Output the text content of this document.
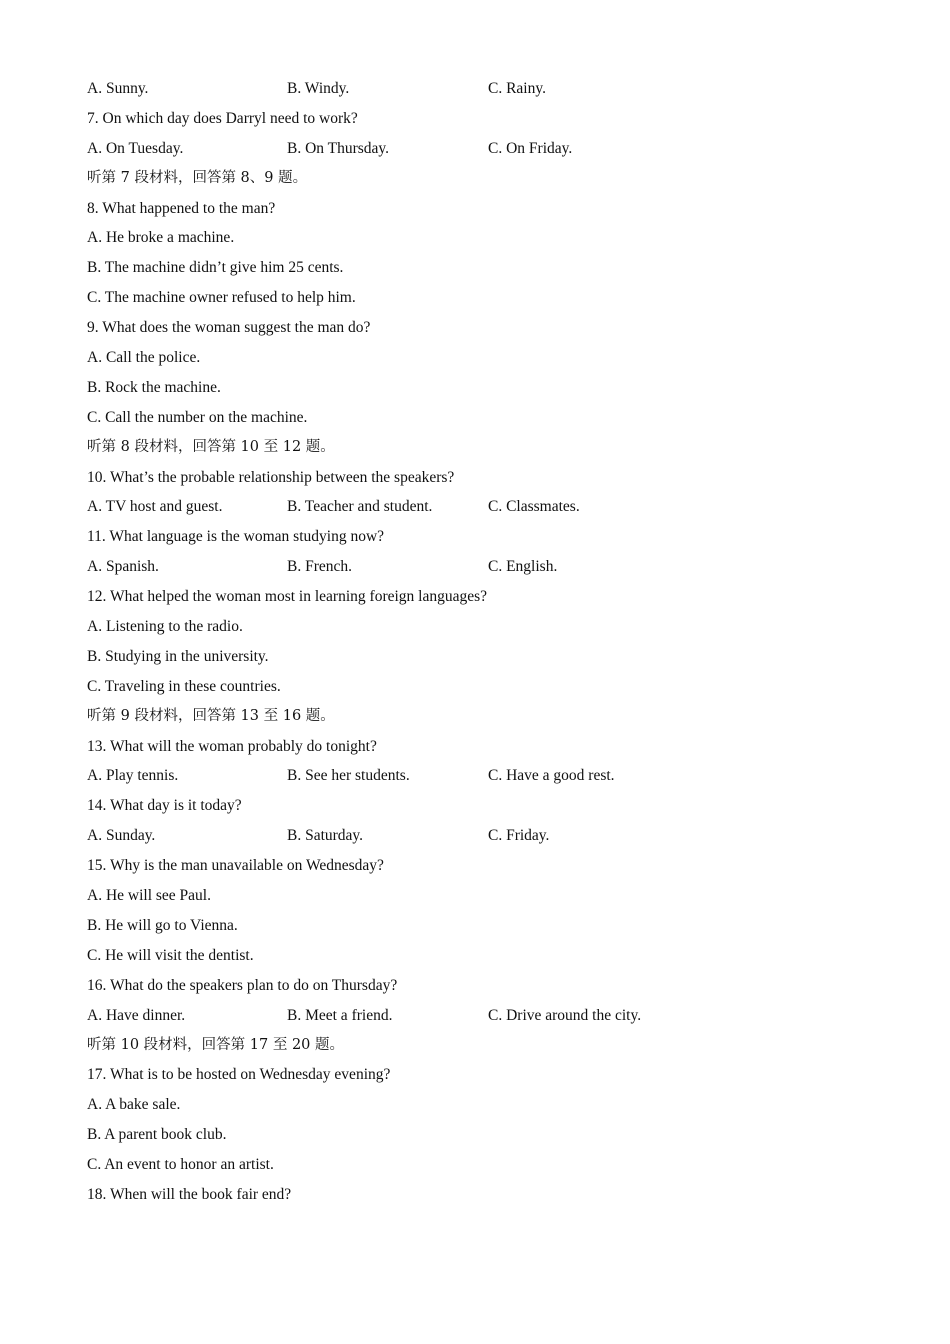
A. Sunny.	B. Windy.	C. Rainy.
7. On which day does Darryl need to work?
A. On Tuesday.	B. On Thursday.	C. On Friday.
听第 7 段材料，回答第 8、9 题。
8. What happened to the man?
A. He broke a machine.
B. The machine didn’t give him 25 cents.
C. The machine owner refused to help him.
9. What does the woman suggest the man do?
A. Call the police.
B. Rock the machine.
C. Call the number on the machine.
听第 8 段材料，回答第 10 至 12 题。
10. What’s the probable relationship between the speakers?
A. TV host and guest.	B. Teacher and student.	C. Classmates.
11. What language is the woman studying now?
A. Spanish.	B. French.	C. English.
12. What helped the woman most in learning foreign languages?
A. Listening to the radio.
B. Studying in the university.
C. Traveling in these countries.
听第 9 段材料，回答第 13 至 16 题。
13. What will the woman probably do tonight?
A. Play tennis.	B. See her students.	C. Have a good rest.
14. What day is it today?
A. Sunday.	B. Saturday.	C. Friday.
15. Why is the man unavailable on Wednesday?
A. He will see Paul.
B. He will go to Vienna.
C. He will visit the dentist.
16. What do the speakers plan to do on Thursday?
A. Have dinner.	B. Meet a friend.	C. Drive around the city.
听第 10 段材料，回答第 17 至 20 题。
17. What is to be hosted on Wednesday evening?
A. A bake sale.
B. A parent book club.
C. An event to honor an artist.
18. When will the book fair end?
